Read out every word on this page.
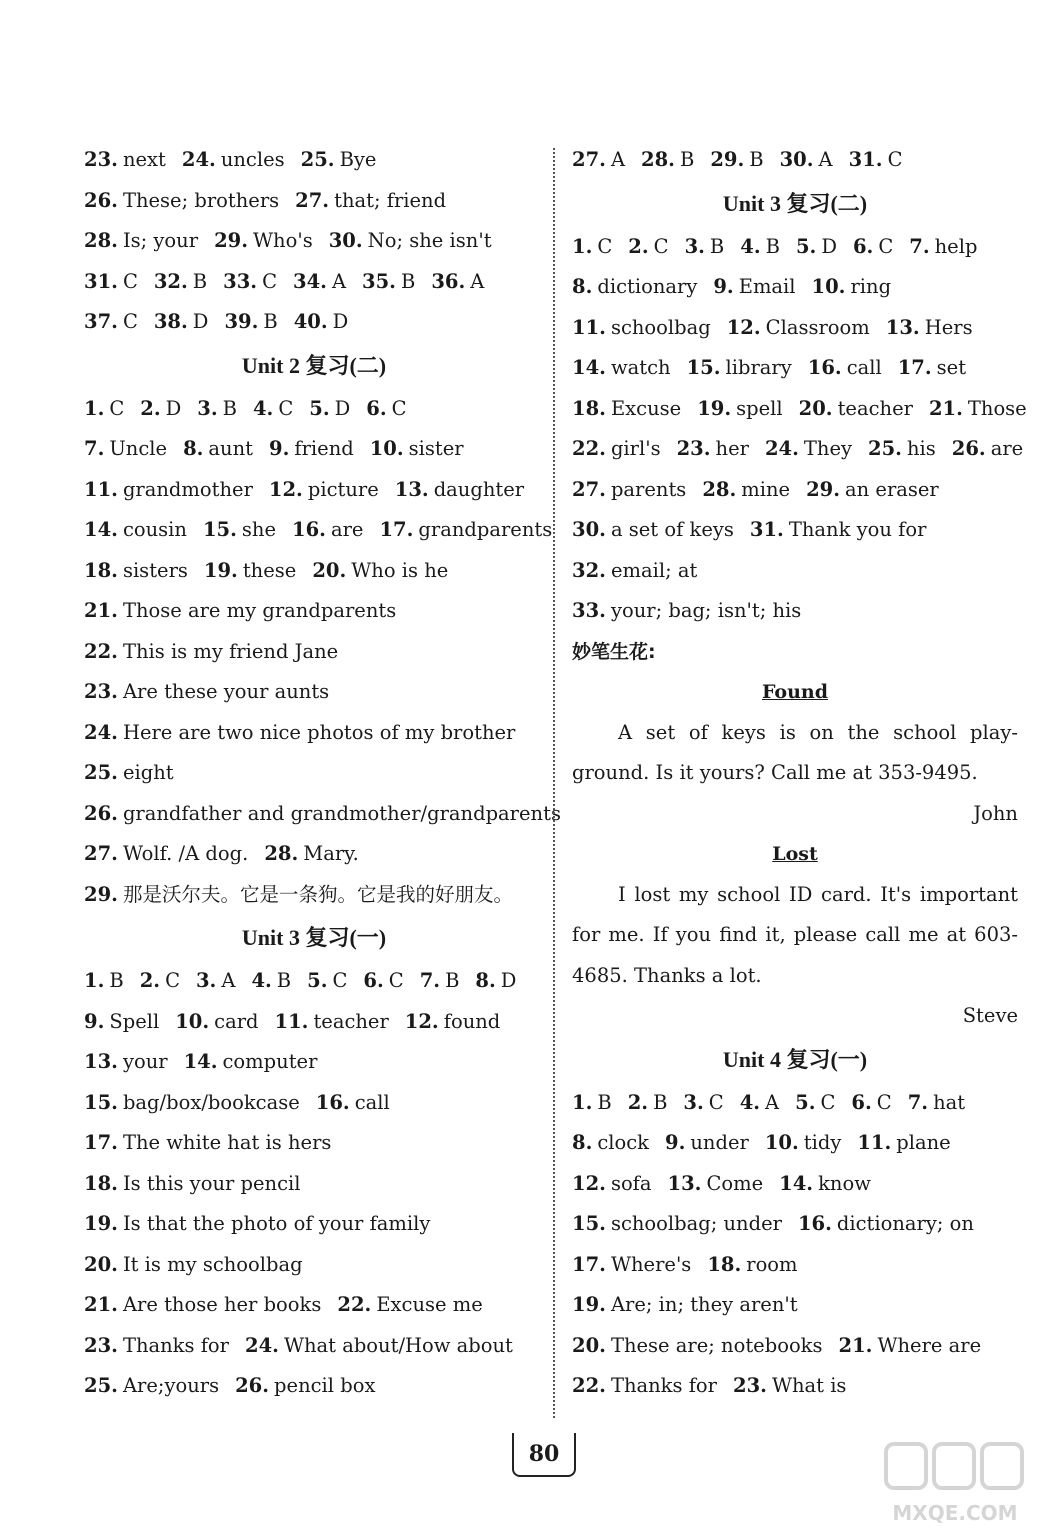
23. next 24. uncles 25. Bye
26. These; brothers 27. that; friend
28. Is; your 29. Who's 30. No; she isn't
31. C 32. B 33. C 34. A 35. B 36. A
37. C 38. D 39. B 40. D
Unit 2 复习(二)
1. C 2. D 3. B 4. C 5. D 6. C
7. Uncle 8. aunt 9. friend 10. sister
11. grandmother 12. picture 13. daughter
14. cousin 15. she 16. are 17. grandparents
18. sisters 19. these 20. Who is he
21. Those are my grandparents
22. This is my friend Jane
23. Are these your aunts
24. Here are two nice photos of my brother
25. eight
26. grandfather and grandmother/grandparents
27. Wolf. /A dog. 28. Mary.
29. 那是沃尔夫。它是一条狗。它是我的好朋友。
Unit 3 复习(一)
1. B 2. C 3. A 4. B 5. C 6. C 7. B 8. D
9. Spell 10. card 11. teacher 12. found
13. your 14. computer
15. bag/box/bookcase 16. call
17. The white hat is hers
18. Is this your pencil
19. Is that the photo of your family
20. It is my schoolbag
21. Are those her books 22. Excuse me
23. Thanks for 24. What about/How about
25. Are;yours 26. pencil box
27. A 28. B 29. B 30. A 31. C
Unit 3 复习(二)
1. C 2. C 3. B 4. B 5. D 6. C 7. help
8. dictionary 9. Email 10. ring
11. schoolbag 12. Classroom 13. Hers
14. watch 15. library 16. call 17. set
18. Excuse 19. spell 20. teacher 21. Those
22. girl's 23. her 24. They 25. his 26. are
27. parents 28. mine 29. an eraser
30. a set of keys 31. Thank you for
32. email; at
33. your; bag; isn't; his
妙笔生花:
Found
A set of keys is on the school play-ground. Is it yours? Call me at 353-9495.
John
Lost
I lost my school ID card. It's important for me. If you find it, please call me at 603-4685. Thanks a lot.
Steve
Unit 4 复习(一)
1. B 2. B 3. C 4. A 5. C 6. C 7. hat
8. clock 9. under 10. tidy 11. plane
12. sofa 13. Come 14. know
15. schoolbag; under 16. dictionary; on
17. Where's 18. room
19. Are; in; they aren't
20. These are; notebooks 21. Where are
22. Thanks for 23. What is
80
MXQE.COM
